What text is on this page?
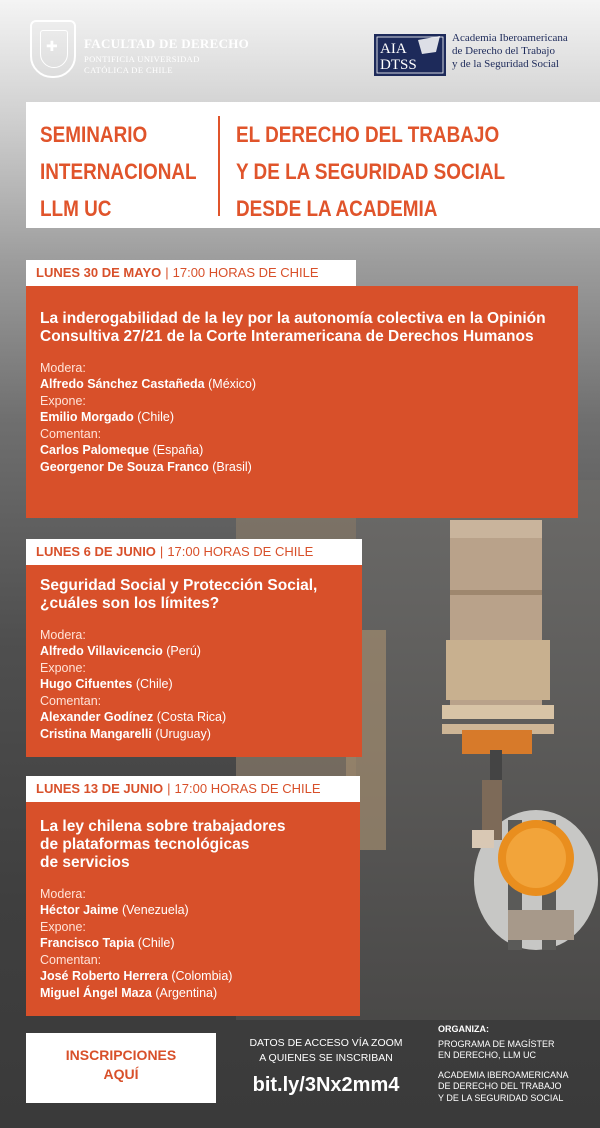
✚
FACULTAD DE DERECHO
PONTIFICIA UNIVERSIDAD
CATÓLICA DE CHILE
AIA
DTSS
Academia Iberoamericana
de Derecho del Trabajo
y de la Seguridad Social
SEMINARIO
INTERNACIONAL
LLM UC
EL DERECHO DEL TRABAJO
Y DE LA SEGURIDAD SOCIAL
DESDE LA ACADEMIA
LUNES 30 DE MAYO | 17:00 HORAS DE CHILE
La inderogabilidad de la ley por la autonomía colectiva en la Opinión Consultiva 27/21 de la Corte Interamericana de Derechos Humanos
Modera:
Alfredo Sánchez Castañeda (México)
Expone:
Emilio Morgado (Chile)
Comentan:
Carlos Palomeque (España)
Georgenor De Souza Franco (Brasil)
LUNES 6 DE JUNIO | 17:00 HORAS DE CHILE
Seguridad Social y Protección Social,
¿cuáles son los límites?
Modera:
Alfredo Villavicencio (Perú)
Expone:
Hugo Cifuentes (Chile)
Comentan:
Alexander Godínez (Costa Rica)
Cristina Mangarelli (Uruguay)
LUNES 13 DE JUNIO | 17:00 HORAS DE CHILE
La ley chilena sobre trabajadores
de plataformas tecnológicas
de servicios
Modera:
Héctor Jaime (Venezuela)
Expone:
Francisco Tapia (Chile)
Comentan:
José Roberto Herrera (Colombia)
Miguel Ángel Maza (Argentina)
INSCRIPCIONES
AQUÍ
DATOS DE ACCESO VÍA ZOOM
A QUIENES SE INSCRIBAN
bit.ly/3Nx2mm4
ORGANIZA:
PROGRAMA DE MAGÍSTER
EN DERECHO, LLM UC
ACADEMIA IBEROAMERICANA
DE DERECHO DEL TRABAJO
Y DE LA SEGURIDAD SOCIAL
